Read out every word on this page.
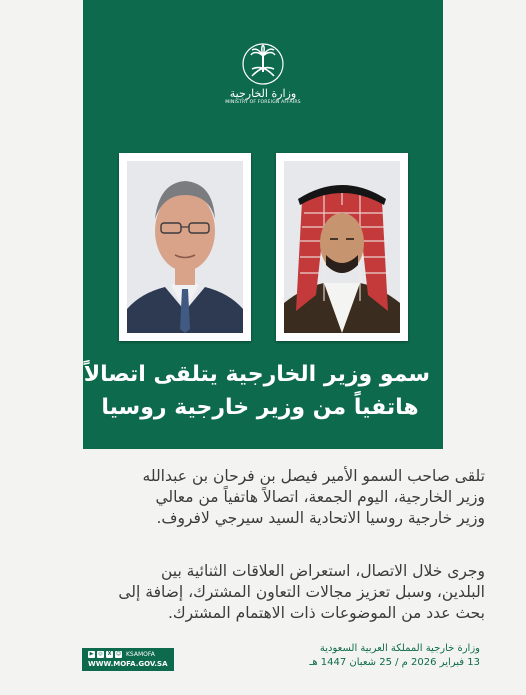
وزارة الخارجية
MINISTRY OF FOREIGN AFFAIRS
سمو وزير الخارجية يتلقى اتصالاً
هاتفياً من وزير خارجية روسيا
تلقى صاحب السمو الأمير فيصل بن فرحان بن عبدالله
وزير الخارجية، اليوم الجمعة، اتصالاً هاتفياً من معالي
وزير خارجية روسيا الاتحادية السيد سيرجي لافروف.
وجرى خلال الاتصال، استعراض العلاقات الثنائية بين
البلدين، وسبل تعزيز مجالات التعاون المشترك، إضافة إلى
بحث عدد من الموضوعات ذات الاهتمام المشترك.
وزارة خارجية المملكة العربية السعودية
13 فبراير 2026 م / 25 شعبان 1447 هـ
▶ ◎ X ☺ KSAMOFA
WWW.MOFA.GOV.SA
